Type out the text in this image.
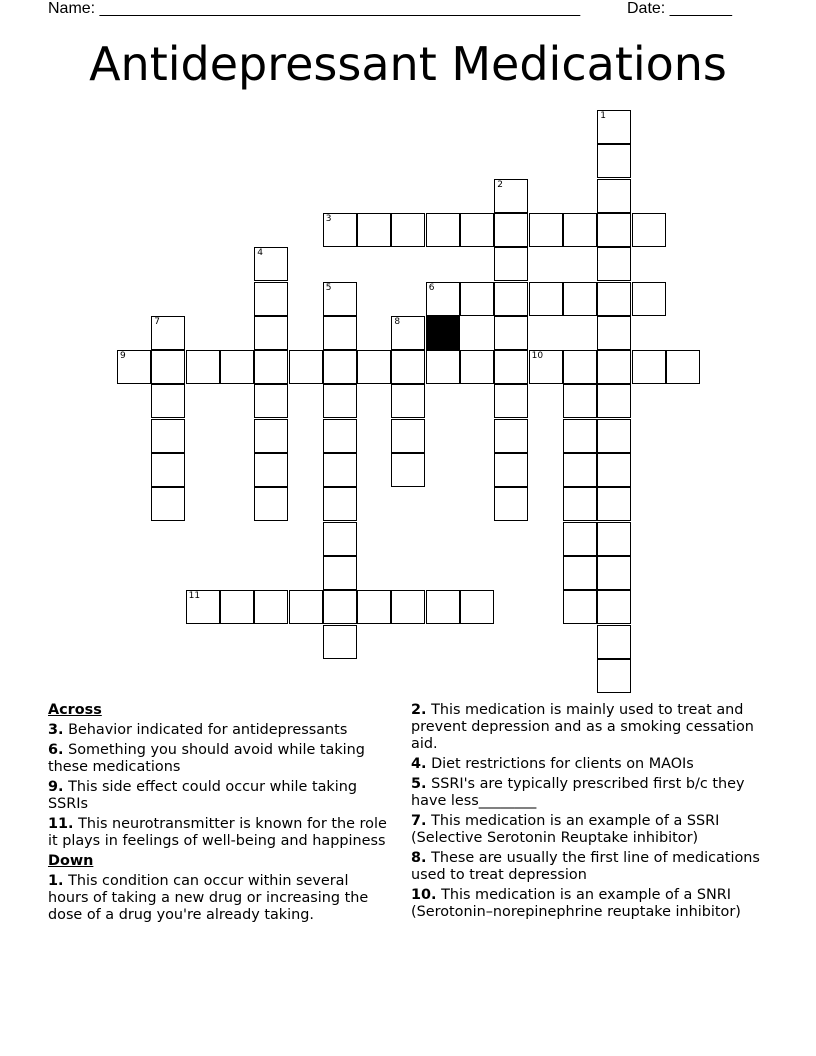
Name: ______________________________________________________	Date: _______
Antidepressant Medications
1
2
3
4
5	6
7	8
9	10
11
Across
3. Behavior indicated for antidepressants
6. Something you should avoid while taking these medications
9. This side effect could occur while taking SSRIs
11. This neurotransmitter is known for the role it plays in feelings of well-being and happiness
Down
1. This condition can occur within several hours of taking a new drug or increasing the dose of a drug you're already taking.
2. This medication is mainly used to treat and prevent depression and as a smoking cessation aid.
4. Diet restrictions for clients on MAOIs
5. SSRI's are typically prescribed first b/c they have less________
7. This medication is an example of a SSRI (Selective Serotonin Reuptake inhibitor)
8. These are usually the first line of medications used to treat depression
10. This medication is an example of a SNRI (Serotonin–norepinephrine reuptake inhibitor)
